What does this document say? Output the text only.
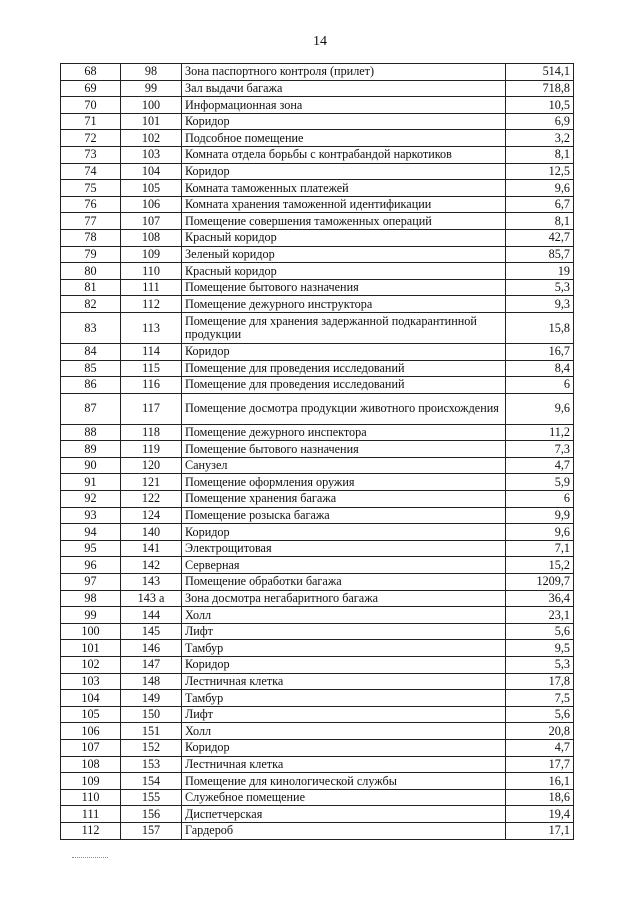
14
68	98	Зона паспортного контроля (прилет)	514,1
69	99	Зал выдачи багажа	718,8
70	100	Информационная зона	10,5
71	101	Коридор	6,9
72	102	Подсобное помещение	3,2
73	103	Комната отдела борьбы с контрабандой наркотиков	8,1
74	104	Коридор	12,5
75	105	Комната таможенных платежей	9,6
76	106	Комната хранения таможенной идентификации	6,7
77	107	Помещение совершения таможенных операций	8,1
78	108	Красный коридор	42,7
79	109	Зеленый коридор	85,7
80	110	Красный коридор	19
81	111	Помещение бытового назначения	5,3
82	112	Помещение дежурного инструктора	9,3
83	113	Помещение для хранения задержанной подкарантинной продукции	15,8
84	114	Коридор	16,7
85	115	Помещение для проведения исследований	8,4
86	116	Помещение для проведения исследований	6
87	117	Помещение досмотра продукции животного происхождения	9,6
88	118	Помещение дежурного инспектора	11,2
89	119	Помещение бытового назначения	7,3
90	120	Санузел	4,7
91	121	Помещение оформления оружия	5,9
92	122	Помещение хранения багажа	6
93	124	Помещение розыска багажа	9,9
94	140	Коридор	9,6
95	141	Электрощитовая	7,1
96	142	Серверная	15,2
97	143	Помещение обработки багажа	1209,7
98	143 а	Зона досмотра негабаритного багажа	36,4
99	144	Холл	23,1
100	145	Лифт	5,6
101	146	Тамбур	9,5
102	147	Коридор	5,3
103	148	Лестничная клетка	17,8
104	149	Тамбур	7,5
105	150	Лифт	5,6
106	151	Холл	20,8
107	152	Коридор	4,7
108	153	Лестничная клетка	17,7
109	154	Помещение для кинологической службы	16,1
110	155	Служебное помещение	18,6
111	156	Диспетчерская	19,4
112	157	Гардероб	17,1
